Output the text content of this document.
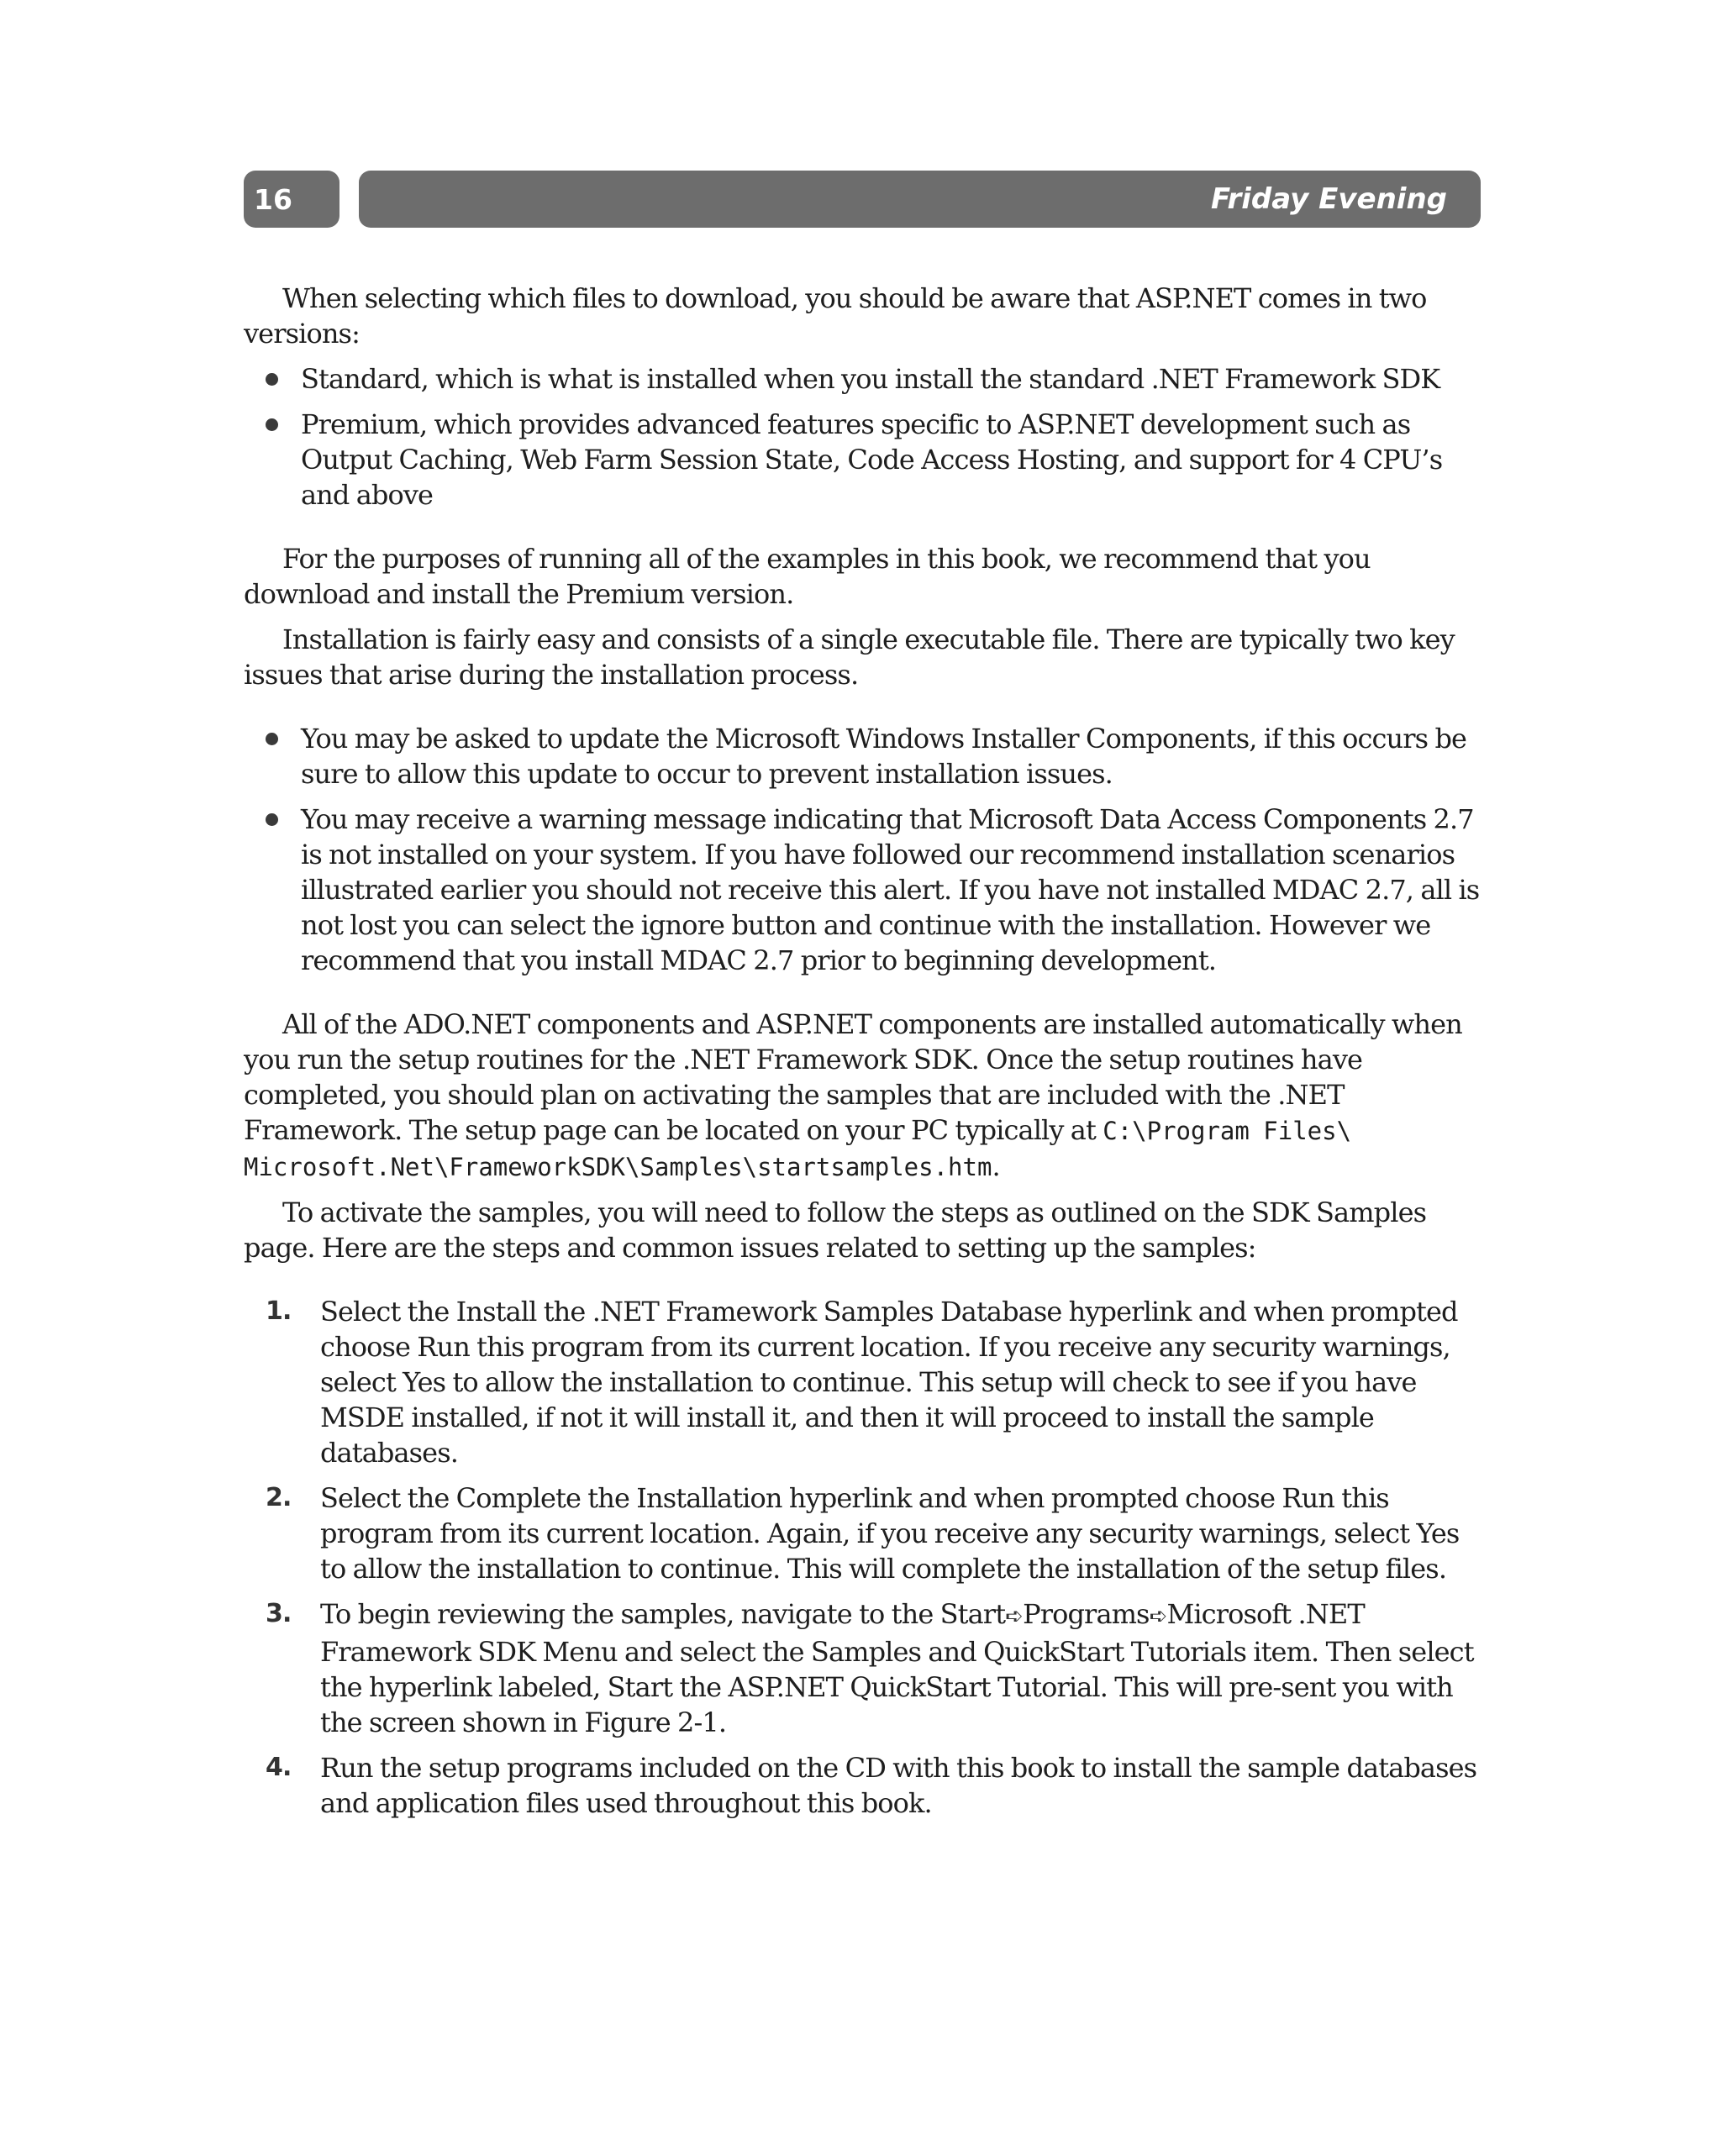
16	Friday Evening

When selecting which files to download, you should be aware that ASP.NET comes in two versions:

Standard, which is what is installed when you install the standard .NET Framework SDK
Premium, which provides advanced features specific to ASP.NET development such as Output Caching, Web Farm Session State, Code Access Hosting, and support for 4 CPU’s and above

For the purposes of running all of the examples in this book, we recommend that you download and install the Premium version.

Installation is fairly easy and consists of a single executable file. There are typically two key issues that arise during the installation process.

You may be asked to update the Microsoft Windows Installer Components, if this occurs be sure to allow this update to occur to prevent installation issues.
You may receive a warning message indicating that Microsoft Data Access Components 2.7 is not installed on your system. If you have followed our recommend installation scenarios illustrated earlier you should not receive this alert. If you have not installed MDAC 2.7, all is not lost you can select the ignore button and continue with the installation. However we recommend that you install MDAC 2.7 prior to beginning development.

All of the ADO.NET components and ASP.NET components are installed automatically when you run the setup routines for the .NET Framework SDK. Once the setup routines have completed, you should plan on activating the samples that are included with the .NET Framework. The setup page can be located on your PC typically at C:\Program Files\ Microsoft.Net\FrameworkSDK\Samples\startsamples.htm.

To activate the samples, you will need to follow the steps as outlined on the SDK Samples page. Here are the steps and common issues related to setting up the samples:

1. Select the Install the .NET Framework Samples Database hyperlink and when prompted choose Run this program from its current location. If you receive any security warnings, select Yes to allow the installation to continue. This setup will check to see if you have MSDE installed, if not it will install it, and then it will proceed to install the sample databases.
2. Select the Complete the Installation hyperlink and when prompted choose Run this program from its current location. Again, if you receive any security warnings, select Yes to allow the installation to continue. This will complete the installation of the setup files.
3. To begin reviewing the samples, navigate to the Start➪Programs➪Microsoft .NET Framework SDK Menu and select the Samples and QuickStart Tutorials item. Then select the hyperlink labeled, Start the ASP.NET QuickStart Tutorial. This will pre-sent you with the screen shown in Figure 2-1.
4. Run the setup programs included on the CD with this book to install the sample databases and application files used throughout this book.
